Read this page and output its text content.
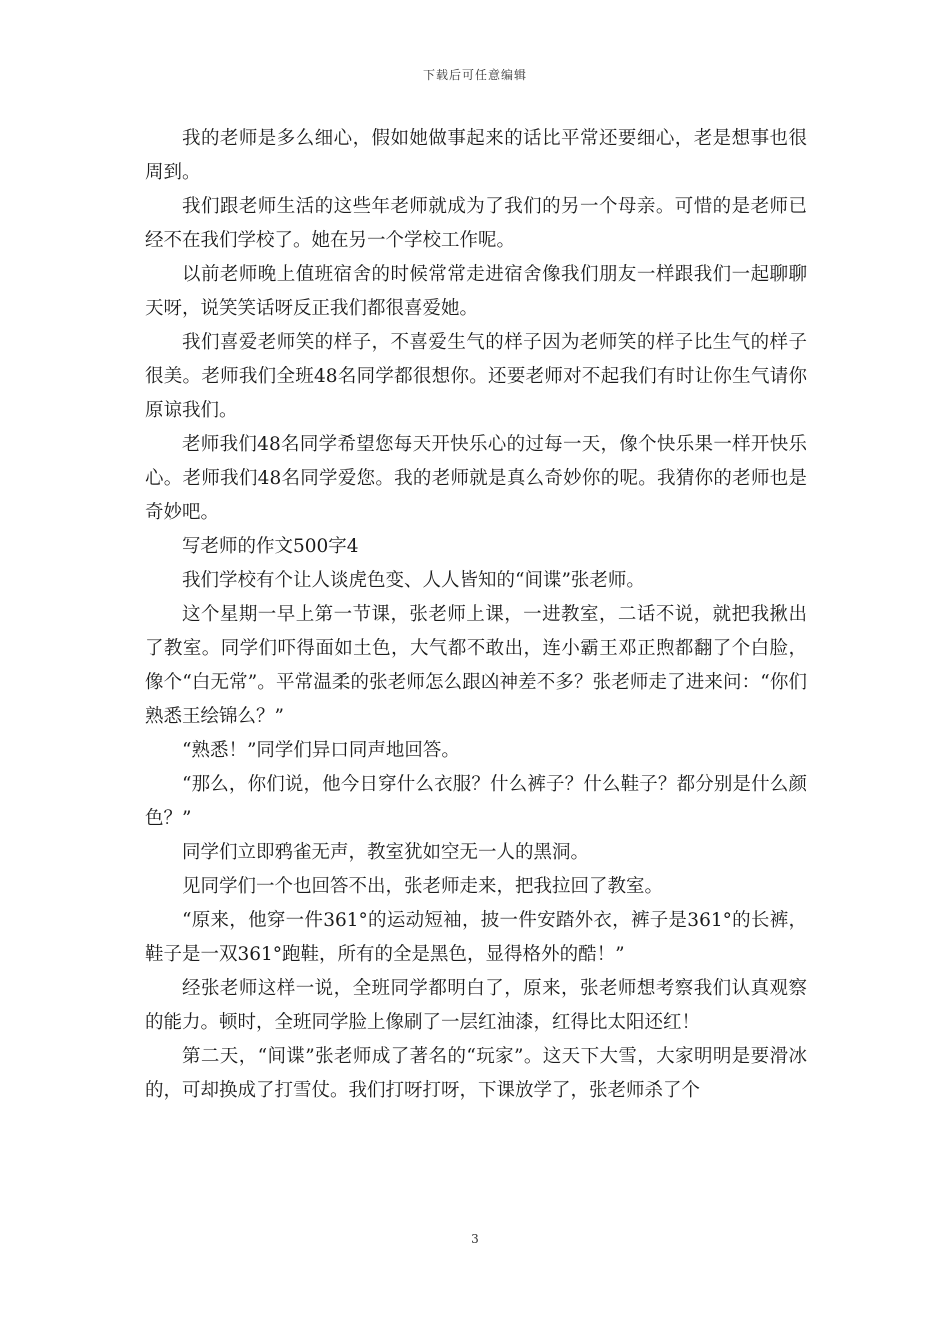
下载后可任意编辑

我的老师是多么细心，假如她做事起来的话比平常还要细心，老是想事也很周到。

我们跟老师生活的这些年老师就成为了我们的另一个母亲。可惜的是老师已经不在我们学校了。她在另一个学校工作呢。

以前老师晚上值班宿舍的时候常常走进宿舍像我们朋友一样跟我们一起聊聊天呀，说笑笑话呀反正我们都很喜爱她。

我们喜爱老师笑的样子，不喜爱生气的样子因为老师笑的样子比生气的样子很美。老师我们全班48名同学都很想你。还要老师对不起我们有时让你生气请你原谅我们。

老师我们48名同学希望您每天开快乐心的过每一天，像个快乐果一样开快乐心。老师我们48名同学爱您。我的老师就是真么奇妙你的呢。我猜你的老师也是奇妙吧。

写老师的作文500字4

我们学校有个让人谈虎色变、人人皆知的“间谍”张老师。

这个星期一早上第一节课，张老师上课，一进教室，二话不说，就把我揪出了教室。同学们吓得面如土色，大气都不敢出，连小霸王邓正煦都翻了个白脸，像个“白无常”。平常温柔的张老师怎么跟凶神差不多？张老师走了进来问：“你们熟悉王绘锦么？”

“熟悉！”同学们异口同声地回答。

“那么，你们说，他今日穿什么衣服？什么裤子？什么鞋子？都分别是什么颜色？”

同学们立即鸦雀无声，教室犹如空无一人的黑洞。

见同学们一个也回答不出，张老师走来，把我拉回了教室。

“原来，他穿一件361°的运动短袖，披一件安踏外衣，裤子是361°的长裤，鞋子是一双361°跑鞋，所有的全是黑色，显得格外的酷！”

经张老师这样一说，全班同学都明白了，原来，张老师想考察我们认真观察的能力。顿时，全班同学脸上像刷了一层红油漆，红得比太阳还红！

第二天，“间谍”张老师成了著名的“玩家”。这天下大雪，大家明明是要滑冰的，可却换成了打雪仗。我们打呀打呀，下课放学了，张老师杀了个

3
